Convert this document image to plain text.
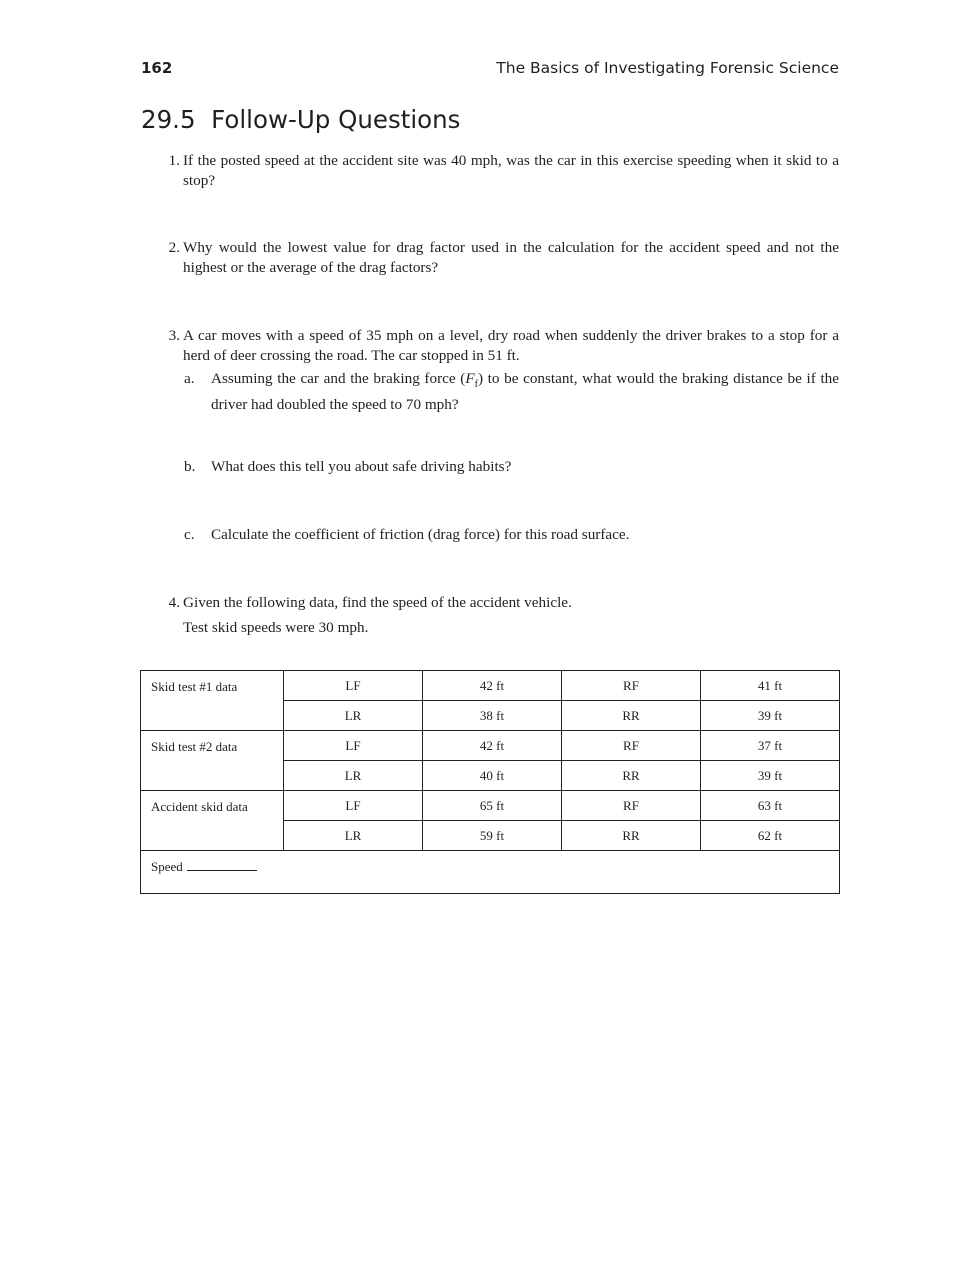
162	The Basics of Investigating Forensic Science
29.5 Follow-Up Questions
1. If the posted speed at the accident site was 40 mph, was the car in this exercise speeding when it skid to a stop?
2. Why would the lowest value for drag factor used in the calculation for the accident speed and not the highest or the average of the drag factors?
3. A car moves with a speed of 35 mph on a level, dry road when suddenly the driver brakes to a stop for a herd of deer crossing the road. The car stopped in 51 ft.
a. Assuming the car and the braking force $(F_f)$ to be constant, what would the braking distance be if the driver had doubled the speed to 70 mph?
b. What does this tell you about safe driving habits?
c. Calculate the coefficient of friction (drag force) for this road surface.
4. Given the following data, find the speed of the accident vehicle.
Test skid speeds were 30 mph.
Skid test #1 data	LF	42 ft	RF	41 ft
	LR	38 ft	RR	39 ft
Skid test #2 data	LF	42 ft	RF	37 ft
	LR	40 ft	RR	39 ft
Accident skid data	LF	65 ft	RF	63 ft
	LR	59 ft	RR	62 ft
Speed				
